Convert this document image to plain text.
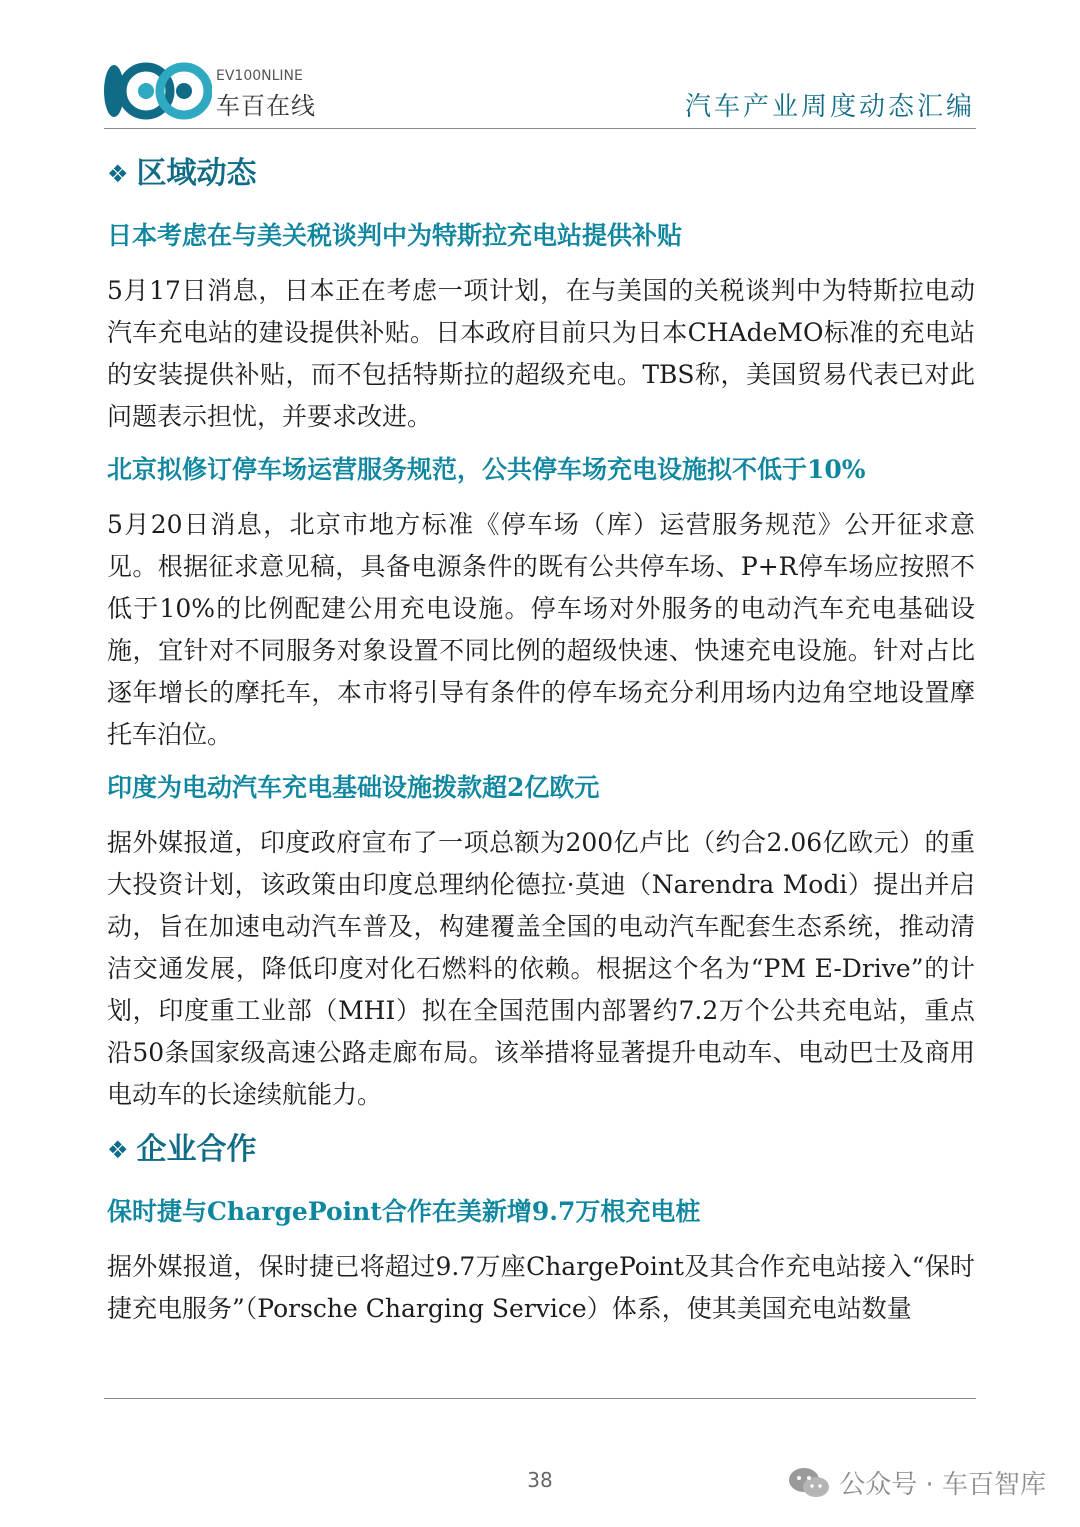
EV100NLINE
车百在线	汽车产业周度动态汇编
❖ 区域动态
日本考虑在与美关税谈判中为特斯拉充电站提供补贴

5月17日消息，日本正在考虑一项计划，在与美国的关税谈判中为特斯拉电动汽车充电站的建设提供补贴。日本政府目前只为日本CHAdeMO标准的充电站的安装提供补贴，而不包括特斯拉的超级充电。TBS称，美国贸易代表已对此问题表示担忧，并要求改进。

北京拟修订停车场运营服务规范，公共停车场充电设施拟不低于10%

5月20日消息，北京市地方标准《停车场（库）运营服务规范》公开征求意见。根据征求意见稿，具备电源条件的既有公共停车场、P+R停车场应按照不低于10%的比例配建公用充电设施。停车场对外服务的电动汽车充电基础设施，宜针对不同服务对象设置不同比例的超级快速、快速充电设施。针对占比逐年增长的摩托车，本市将引导有条件的停车场充分利用场内边角空地设置摩托车泊位。

印度为电动汽车充电基础设施拨款超2亿欧元

据外媒报道，印度政府宣布了一项总额为200亿卢比（约合2.06亿欧元）的重大投资计划，该政策由印度总理纳伦德拉·莫迪（Narendra Modi）提出并启动，旨在加速电动汽车普及，构建覆盖全国的电动汽车配套生态系统，推动清洁交通发展，降低印度对化石燃料的依赖。根据这个名为“PM E-Drive”的计划，印度重工业部（MHI）拟在全国范围内部署约7.2万个公共充电站，重点沿50条国家级高速公路走廊布局。该举措将显著提升电动车、电动巴士及商用电动车的长途续航能力。

❖ 企业合作
保时捷与ChargePoint合作在美新增9.7万根充电桩

据外媒报道，保时捷已将超过9.7万座ChargePoint及其合作充电站接入“保时捷充电服务”（Porsche Charging Service）体系，使其美国充电站数量

38	公众号 · 车百智库
